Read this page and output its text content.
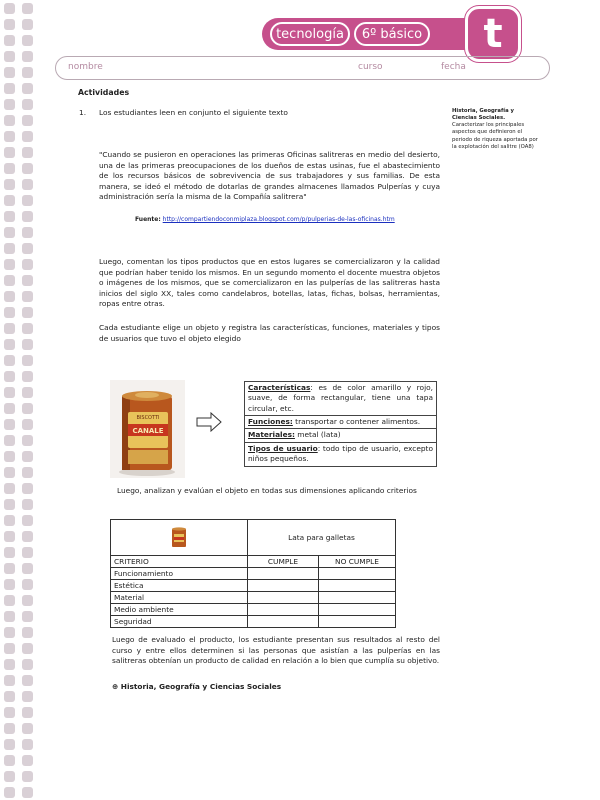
tecnología	6º básico	t
nombre	curso	fecha
Actividades
1. Los estudiantes leen en conjunto el siguiente texto	Historia, Geografía y Ciencias Sociales.
Caracterizar los principales aspectos que definieron el periodo de riqueza aportada por la explotación del salitre (OA8)
"Cuando se pusieron en operaciones las primeras Oficinas salitreras en medio del desierto, una de las primeras preocupaciones de los dueños de estas usinas, fue el abastecimiento de los recursos básicos de sobrevivencia de sus trabajadores y sus familias. De esta manera, se ideó el método de dotarlas de grandes almacenes llamados Pulperías y cuya administración sería la misma de la Compañía salitrera"
Fuente: http://compartiendoconmiplaza.blogspot.com/p/pulperias-de-las-oficinas.htm
Luego, comentan los tipos productos que en estos lugares se comercializaron y la calidad que podrían haber tenido los mismos. En un segundo momento el docente muestra objetos o imágenes de los mismos, que se comercializaron en las pulperías de las salitreras hasta inicios del siglo XX, tales como candelabros, botellas, latas, fichas, bolsas, herramientas, ropas entre otras.
Cada estudiante elige un objeto y registra las características, funciones, materiales y tipos de usuarios que tuvo el objeto elegido
BISCOTTI
CANALE
Características: es de color amarillo y rojo, suave, de forma rectangular, tiene una tapa circular, etc.
Funciones: transportar o contener alimentos.
Materiales: metal (lata)
Tipos de usuario: todo tipo de usuario, excepto niños pequeños.
Luego, analizan y evalúan el objeto en todas sus dimensiones aplicando criterios
	Lata para galletas	
CRITERIO	CUMPLE	NO CUMPLE
Funcionamiento		
Estética		
Material		
Medio ambiente		
Seguridad		
Luego de evaluado el producto, los estudiante presentan sus resultados al resto del curso y entre ellos determinen si las personas que asistían a las pulperías en las salitreras obtenían un producto de calidad en relación a lo bien que cumplía su objetivo.
⊕ Historia, Geografía y Ciencias Sociales
